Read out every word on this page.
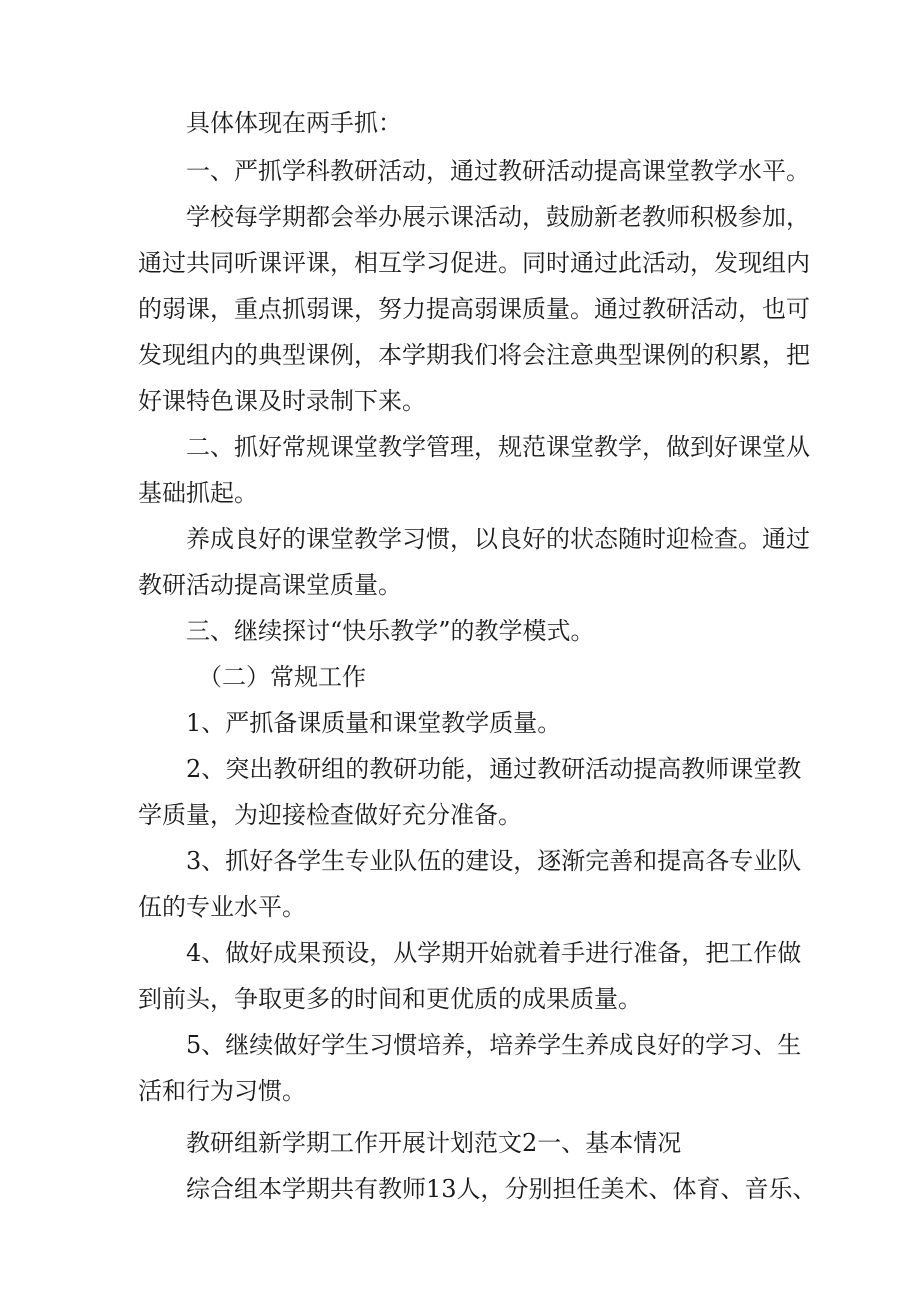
具体体现在两手抓：

一、严抓学科教研活动，通过教研活动提高课堂教学水平。

学校每学期都会举办展示课活动，鼓励新老教师积极参加，

通过共同听课评课，相互学习促进。同时通过此活动，发现组内

的弱课，重点抓弱课，努力提高弱课质量。通过教研活动，也可

发现组内的典型课例，本学期我们将会注意典型课例的积累，把

好课特色课及时录制下来。

二、抓好常规课堂教学管理，规范课堂教学，做到好课堂从

基础抓起。

养成良好的课堂教学习惯，以良好的状态随时迎检查。通过

教研活动提高课堂质量。

三、继续探讨“快乐教学”的教学模式。

（二）常规工作

1、严抓备课质量和课堂教学质量。

2、突出教研组的教研功能，通过教研活动提高教师课堂教

学质量，为迎接检查做好充分准备。

3、抓好各学生专业队伍的建设，逐渐完善和提高各专业队

伍的专业水平。

4、做好成果预设，从学期开始就着手进行准备，把工作做

到前头，争取更多的时间和更优质的成果质量。

5、继续做好学生习惯培养，培养学生养成良好的学习、生

活和行为习惯。

教研组新学期工作开展计划范文2一、基本情况

综合组本学期共有教师13人，分别担任美术、体育、音乐、
